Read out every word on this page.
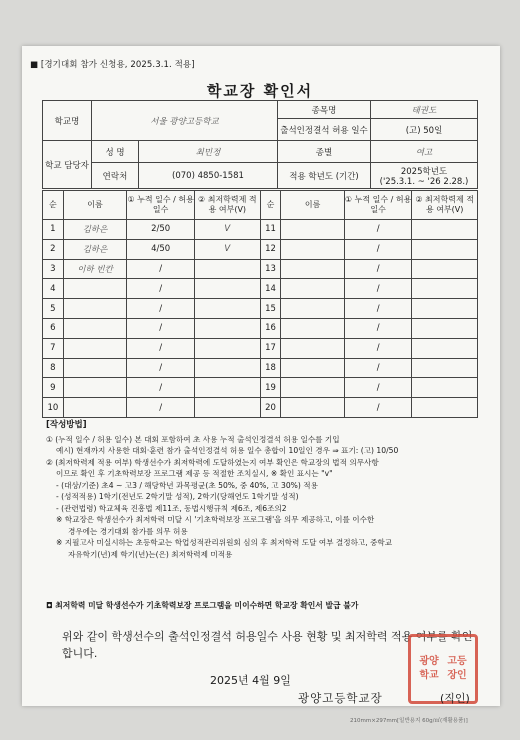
■ [경기대회 참가 신청용, 2025.3.1. 적용]
학교장 확인서
학교명	서울 광양고등학교		종목명	태권도
			출석인정결석 허용 일수	(고) 50일
학교 담당자	성 명	최민정	종별	여고
	연락처	(070) 4850-1581	적용 학년도 (기간)	2025학년도
('25.3.1. ~ '26 2.28.)
순	이름	① 누적 일수 / 허용 일수	② 최저학력제 적용 여부(V)	순	이름	① 누적 일수 / 허용 일수	② 최저학력제 적용 여부(V)
1	김하은	2/50	V	11		/	
2	김하은	4/50	V	12		/	
3	이하 빈칸	/		13		/	
4		/		14		/	
5		/		15		/	
6		/		16		/	
7		/		17		/	
8		/		18		/	
9		/		19		/	
10		/		20		/	
[작성방법]

① (누적 일수 / 허용 일수) 본 대회 포함하여 초 사용 누적 출석인정결석 허용 일수를 기입

예시) 현재까지 사용한 대회·훈련 참가 출석인정결석 허용 일수 총합이 10일인 경우 ⇒ 표기: (고) 10/50

② (최저학력제 적용 여부) 학생선수가 최저학력에 도달하였는지 여부 확인은 학교장의 법적 의무사항

이므로 확인 후 기초학력보장 프로그램 제공 등 적절한 조치실시, ※ 확인 표시는 "v"

- (대상/기준) 초4 ~ 고3 / 해당학년 과목평균(초 50%, 중 40%, 고 30%) 적용

- (성적적용) 1학기(전년도 2학기말 성적), 2학기(당해연도 1학기말 성적)

- (관련법령) 학교체육 진흥법 제11조, 동법시행규칙 제6조, 제6조의2

※ 학교장은 학생선수가 최저학력 미달 시 '기초학력보장 프로그램'을 의무 제공하고, 이를 이수한

경우에는 경기대회 참가를 의무 허용

※ 지필고사 미실시하는 초등학교는 학업성적관리위원회 심의 후 최저학력 도달 여부 결정하고, 중학교

자유학기(년)제 학기(년)는(은) 최저학력제 미적용

◘ 최저학력 미달 학생선수가 기초학력보장 프로그램을 미이수하면 학교장 확인서 발급 불가
위와 같이 학생선수의 출석인정결석 허용일수 사용 현황 및 최저학력 적용 여부를 확인합니다.
2025년 4월 9일
광양 고등
학교 장인
광양고등학교장	(직인)
210mm×297mm[일반용지 60g/㎡(재활용품)]
